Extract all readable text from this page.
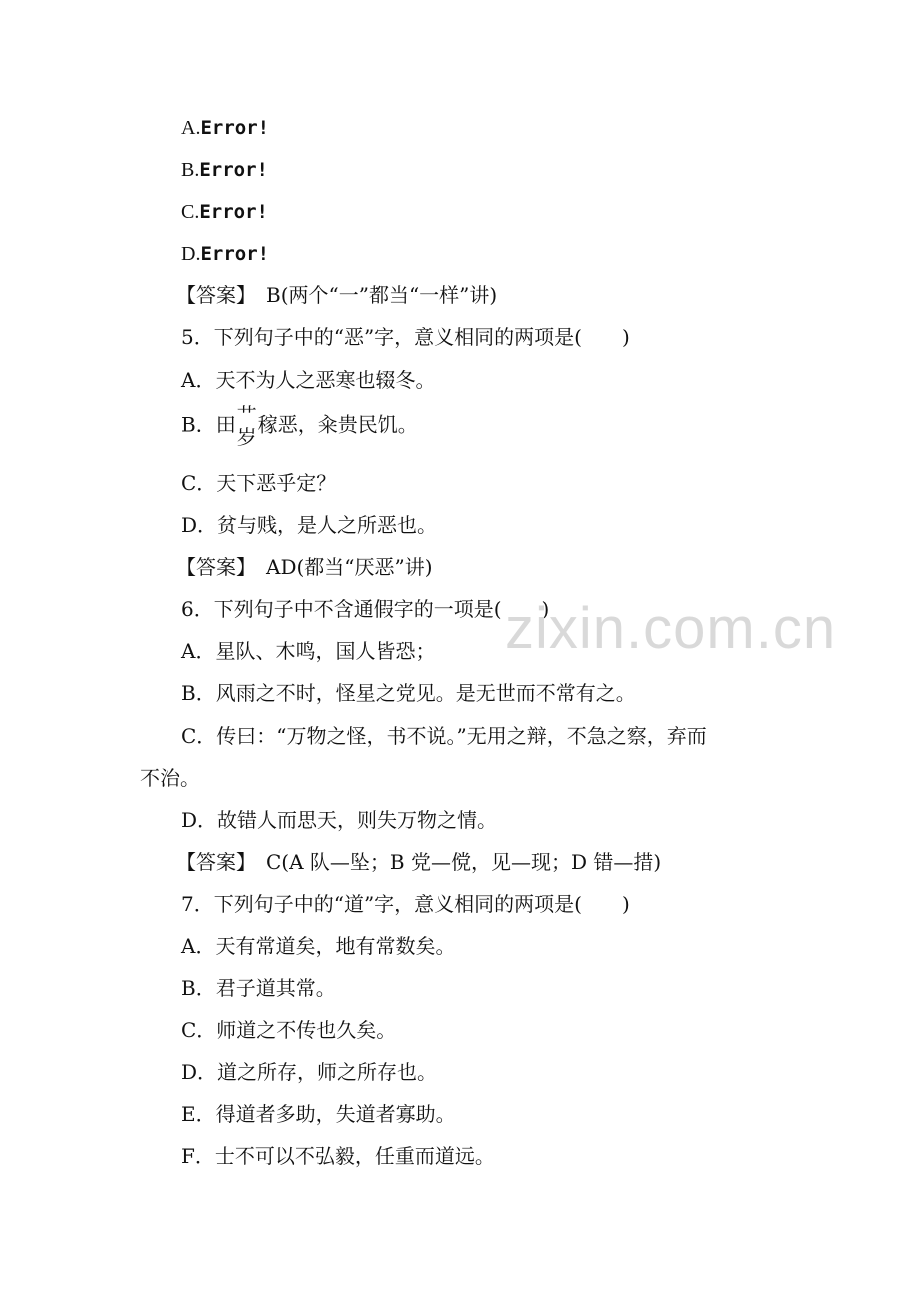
A.Error!
B.Error!
C.Error!
D.Error!
【答案】　B(两个“一”都当“一样”讲)
5．下列句子中的“恶”字，意义相同的两项是(　　)
A．天不为人之恶寒也辍冬。
B．田 艹
岁
稼恶，籴贵民饥。
C．天下恶乎定？
D．贫与贱，是人之所恶也。
【答案】　AD(都当“厌恶”讲)
6．下列句子中不含通假字的一项是(　　)
A．星队、木鸣，国人皆恐；
B．风雨之不时，怪星之党见。是无世而不常有之。
C．传曰：“万物之怪，书不说。”无用之辩，不急之察，弃而
不治。
D．故错人而思天，则失万物之情。
【答案】　C(A 队—坠；B 党—傥，见—现；D 错—措)
7．下列句子中的“道”字，意义相同的两项是(　　)
A．天有常道矣，地有常数矣。
B．君子道其常。
C．师道之不传也久矣。
D．道之所存，师之所存也。
E．得道者多助，失道者寡助。
F．士不可以不弘毅，任重而道远。
zixin.com.cn
